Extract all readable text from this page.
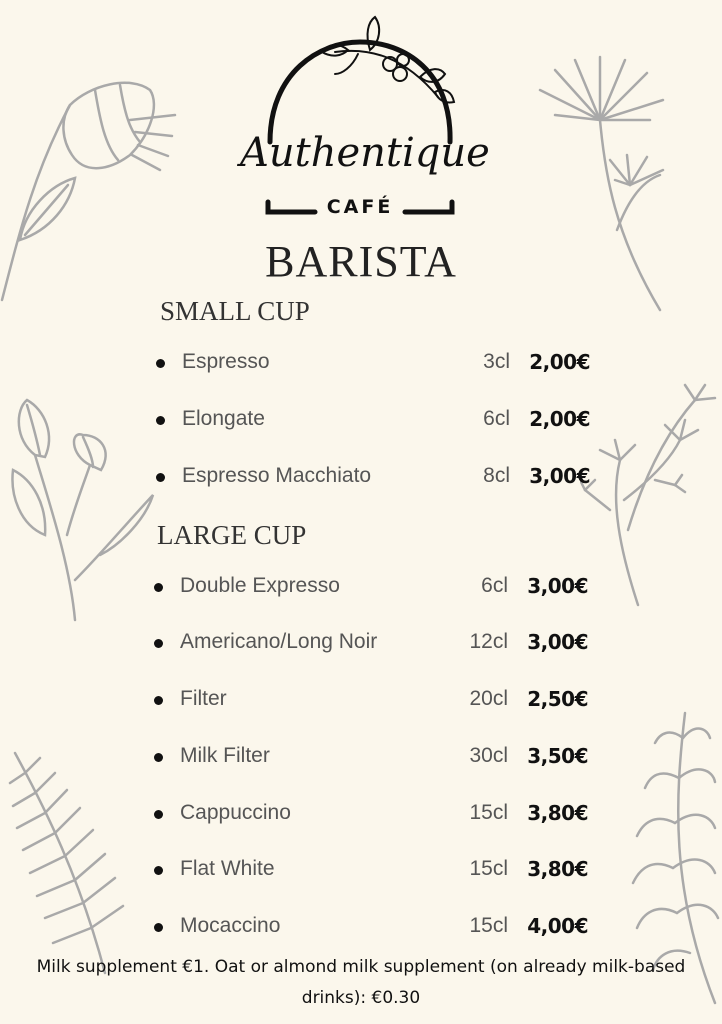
Authentique
CAFÉ
BARISTA
SMALL CUP
Espresso	3cl 2,00€
Elongate	6cl 2,00€
Espresso Macchiato	8cl 3,00€
LARGE CUP
Double Expresso	6cl 3,00€
Americano/Long Noir	12cl 3,00€
Filter	20cl 2,50€
Milk Filter	30cl 3,50€
Cappuccino	15cl 3,80€
Flat White	15cl 3,80€
Mocaccino	15cl 4,00€
Milk supplement €1. Oat or almond milk supplement (on already milk-based drinks): €0.30
